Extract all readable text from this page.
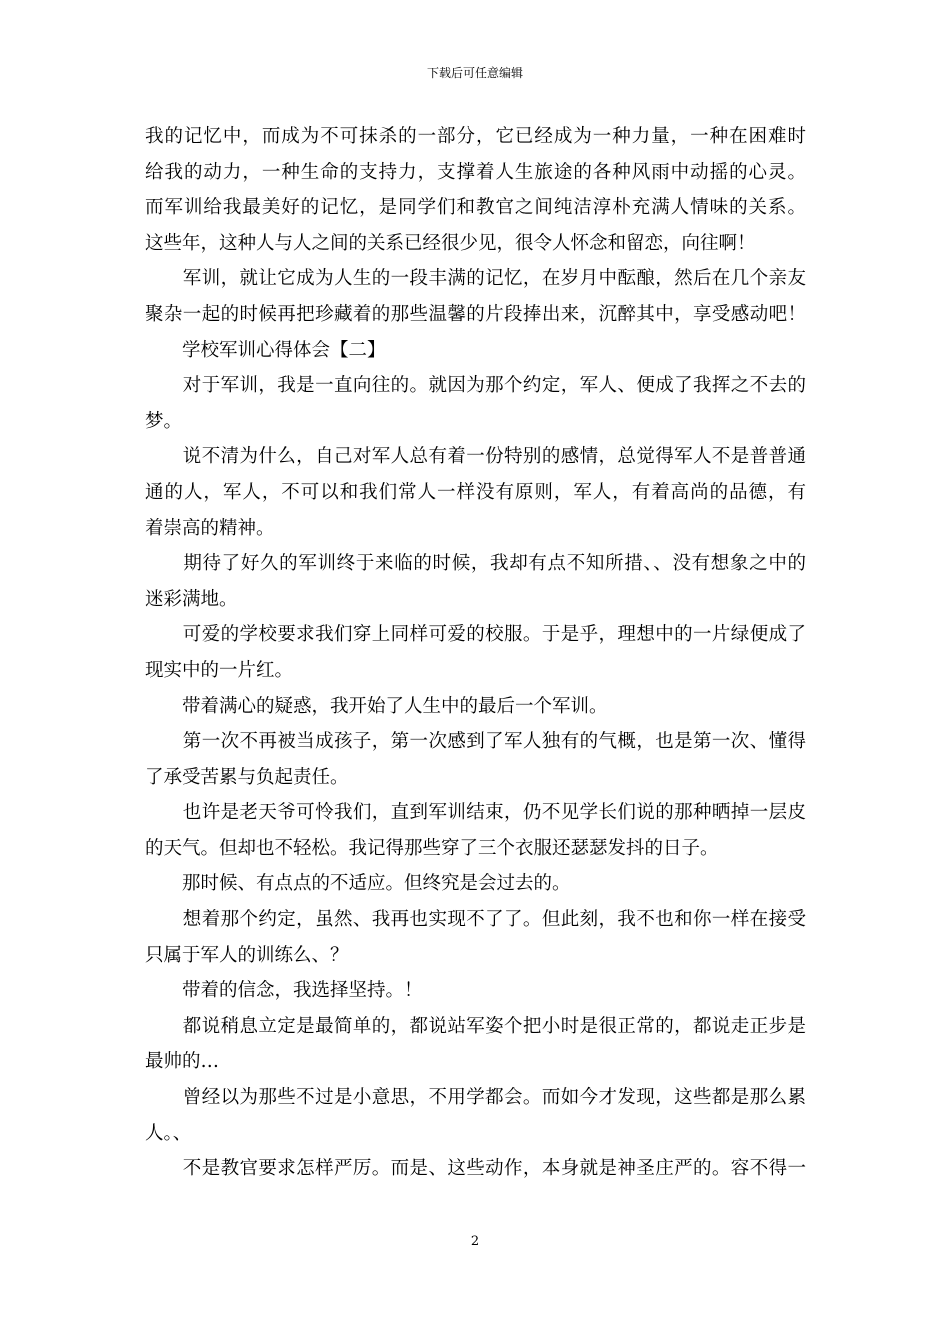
下载后可任意编辑
我的记忆中，而成为不可抹杀的一部分，它已经成为一种力量，一种在困难时
给我的动力，一种生命的支持力，支撑着人生旅途的各种风雨中动摇的心灵。
而军训给我最美好的记忆，是同学们和教官之间纯洁淳朴充满人情味的关系。
这些年，这种人与人之间的关系已经很少见，很令人怀念和留恋，向往啊！
　　军训，就让它成为人生的一段丰满的记忆，在岁月中酝酿，然后在几个亲友
聚杂一起的时候再把珍藏着的那些温馨的片段捧出来，沉醉其中，享受感动吧！
　　学校军训心得体会【二】
　　对于军训，我是一直向往的。就因为那个约定，军人、便成了我挥之不去的
梦。
　　说不清为什么，自己对军人总有着一份特别的感情，总觉得军人不是普普通
通的人，军人，不可以和我们常人一样没有原则，军人，有着高尚的品德，有
着崇高的精神。
　　期待了好久的军训终于来临的时候，我却有点不知所措、、没有想象之中的
迷彩满地。
　　可爱的学校要求我们穿上同样可爱的校服。于是乎，理想中的一片绿便成了
现实中的一片红。
　　带着满心的疑惑，我开始了人生中的最后一个军训。
　　第一次不再被当成孩子，第一次感到了军人独有的气概，也是第一次、懂得
了承受苦累与负起责任。
　　也许是老天爷可怜我们，直到军训结束，仍不见学长们说的那种晒掉一层皮
的天气。但却也不轻松。我记得那些穿了三个衣服还瑟瑟发抖的日子。
　　那时候、有点点的不适应。但终究是会过去的。
　　想着那个约定，虽然、我再也实现不了了。但此刻，我不也和你一样在接受
只属于军人的训练么、？
　　带着的信念，我选择坚持。！
　　都说稍息立定是最简单的，都说站军姿个把小时是很正常的，都说走正步是
最帅的…
　　曾经以为那些不过是小意思，不用学都会。而如今才发现，这些都是那么累
人。、
　　不是教官要求怎样严厉。而是、这些动作，本身就是神圣庄严的。容不得一
2
